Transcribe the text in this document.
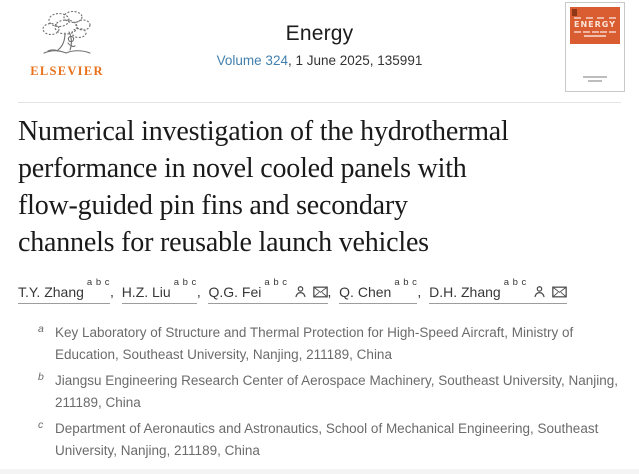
ELSEVIER
Energy
Volume 324, 1 June 2025, 135991
ENERGY
Numerical investigation of the hydrothermal
performance in novel cooled panels with
flow-guided pin fins and secondary
channels for reusable launch vehicles
T.Y. Zhang$^{a b c}$,  H.Z. Liu$^{a b c}$,  Q.G. Fei$^{a b c}$,  Q. Chen$^{a b c}$,  D.H. Zhang$^{a b c}$
a Key Laboratory of Structure and Thermal Protection for High-Speed Aircraft, Ministry of Education, Southeast University, Nanjing, 211189, China
b Jiangsu Engineering Research Center of Aerospace Machinery, Southeast University, Nanjing, 211189, China
c Department of Aeronautics and Astronautics, School of Mechanical Engineering, Southeast University, Nanjing, 211189, China
